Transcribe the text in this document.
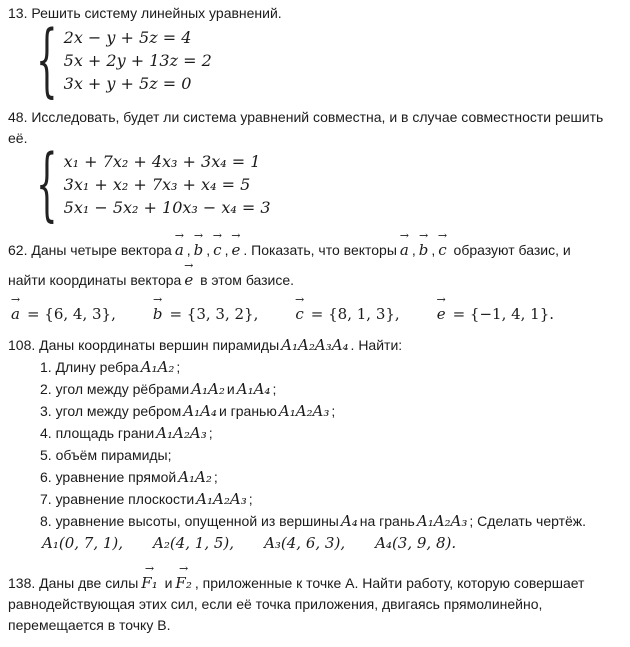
13. Решить систему линейных уравнений.

{ 2x − y + 5z = 4
5x + 2y + 13z = 2
3x + y + 5z = 0

48. Исследовать, будет ли система уравнений совместна, и в случае совместности решить

её. { x₁ + 7x₂ + 4x₃ + 3x₄ = 1
3x₁ + x₂ + 7x₃ + x₄ = 5
5x₁ − 5x₂ + 10x₃ − x₄ = 3

62. Даны четыре вектора
→
a ,
→
b ,
→
c ,
→
e . Показать, что векторы
→
a ,
→
b ,
→
c образуют базис, и

найти координаты вектора
→
e в этом базисе.

→
a = {6, 4, 3},
→
b = {3, 3, 2},
→
c = {8, 1, 3},
→
e = {−1, 4, 1}.

108. Даны координаты вершин пирамиды A₁A₂A₃A₄ . Найти:

1. Длину ребра A₁A₂ ;

2. угол между рёбрами A₁A₂ и A₁A₄ ;

3. угол между ребром A₁A₄ и гранью A₁A₂A₃ ;

4. площадь грани A₁A₂A₃ ;

5. объём пирамиды;

6. уравнение прямой A₁A₂ ;

7. уравнение плоскости A₁A₂A₃ ;

8. уравнение высоты, опущенной из вершины A₄ на грань A₁A₂A₃ ; Сделать чертёж.

A₁(0, 7, 1), A₂(4, 1, 5), A₃(4, 6, 3), A₄(3, 9, 8).

138. Даны две силы
→
F₁ и
→
F₂ , приложенные к точке А. Найти работу, которую совершает

равнодействующая этих сил, если её точка приложения, двигаясь прямолинейно,

перемещается в точку В.
